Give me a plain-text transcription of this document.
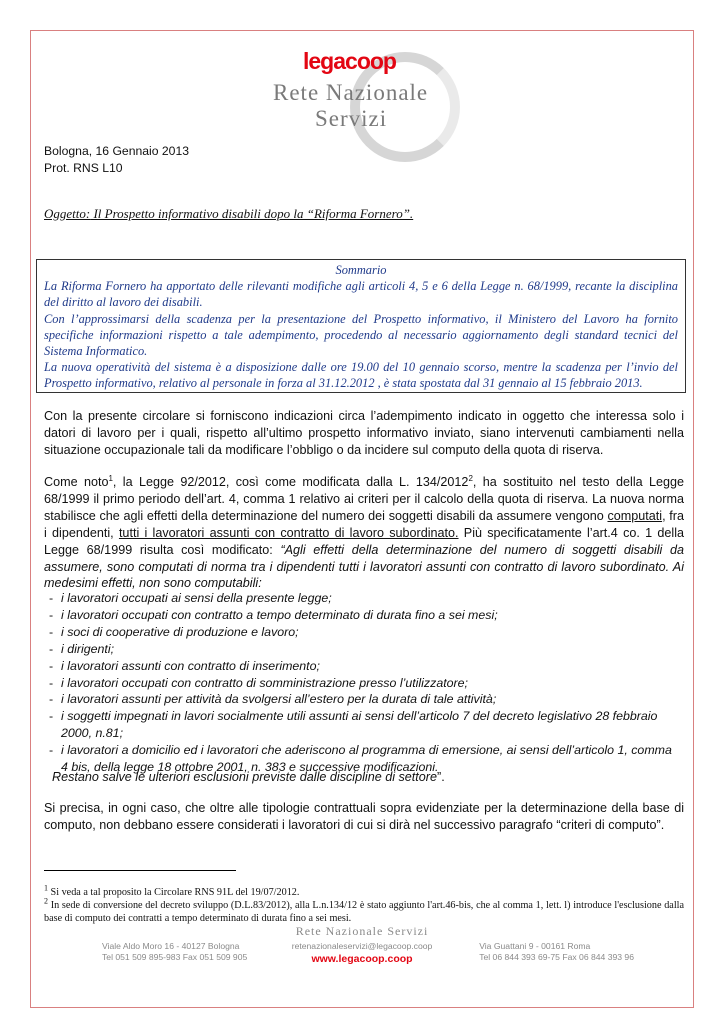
legacoop
Rete Nazionale
Servizi
Bologna, 16 Gennaio 2013
Prot. RNS L10
Oggetto: Il Prospetto informativo disabili dopo la “Riforma Fornero”.
Sommario
La Riforma Fornero ha apportato delle rilevanti modifiche agli articoli 4, 5 e 6 della Legge n. 68/1999, recante la disciplina del diritto al lavoro dei disabili.
Con l’approssimarsi della scadenza per la presentazione del Prospetto informativo, il Ministero del Lavoro ha fornito specifiche informazioni rispetto a tale adempimento, procedendo al necessario aggiornamento degli standard tecnici del Sistema Informatico.
La nuova operatività del sistema è a disposizione dalle ore 19.00 del 10 gennaio scorso, mentre la scadenza per l’invio del Prospetto informativo, relativo al personale in forza al 31.12.2012 , è stata spostata dal 31 gennaio al 15 febbraio 2013.
Con la presente circolare si forniscono indicazioni circa l’adempimento indicato in oggetto che interessa solo i datori di lavoro per i quali, rispetto all’ultimo prospetto informativo inviato, siano intervenuti cambiamenti nella situazione occupazionale tali da modificare l’obbligo o da incidere sul computo della quota di riserva.
Come noto$^1$, la Legge 92/2012, così come modificata dalla L. 134/2012$^2$, ha sostituito nel testo della Legge 68/1999 il primo periodo dell’art. 4, comma 1 relativo ai criteri per il calcolo della quota di riserva. La nuova norma stabilisce che agli effetti della determinazione del numero dei soggetti disabili da assumere vengono computati, fra i dipendenti, tutti i lavoratori assunti con contratto di lavoro subordinato. Più specificatamente l’art.4 co. 1 della Legge 68/1999 risulta così modificato: “Agli effetti della determinazione del numero di soggetti disabili da assumere, sono computati di norma tra i dipendenti tutti i lavoratori assunti con contratto di lavoro subordinato. Ai medesimi effetti, non sono computabili:
- i lavoratori occupati ai sensi della presente legge;
- i lavoratori occupati con contratto a tempo determinato di durata fino a sei mesi;
- i soci di cooperative di produzione e lavoro;
- i dirigenti;
- i lavoratori assunti con contratto di inserimento;
- i lavoratori occupati con contratto di somministrazione presso l’utilizzatore;
- i lavoratori assunti per attività da svolgersi all’estero per la durata di tale attività;
- i soggetti impegnati in lavori socialmente utili assunti ai sensi dell’articolo 7 del decreto legislativo 28 febbraio 2000, n.81;
- i lavoratori a domicilio ed i lavoratori che aderiscono al programma di emersione, ai sensi dell’articolo 1, comma 4 bis, della legge 18 ottobre 2001, n. 383 e successive modificazioni.
Restano salve le ulteriori esclusioni previste dalle discipline di settore”.
Si precisa, in ogni caso, che oltre alle tipologie contrattuali sopra evidenziate per la determinazione della base di computo, non debbano essere considerati i lavoratori di cui si dirà nel successivo paragrafo “criteri di computo”.
$^1$ Si veda a tal proposito la Circolare RNS 91L del 19/07/2012.
$^2$ In sede di conversione del decreto sviluppo (D.L.83/2012), alla L.n.134/12 è stato aggiunto l'art.46-bis, che al comma 1, lett. l) introduce l'esclusione dalla base di computo dei contratti a tempo determinato di durata fino a sei mesi.
Rete Nazionale Servizi
Viale Aldo Moro 16 - 40127 Bologna
Tel 051 509 895-983 Fax 051 509 905
retenazionaleservizi@legacoop.coop
www.legacoop.coop
Via Guattani 9 - 00161 Roma
Tel 06 844 393 69-75 Fax 06 844 393 96
